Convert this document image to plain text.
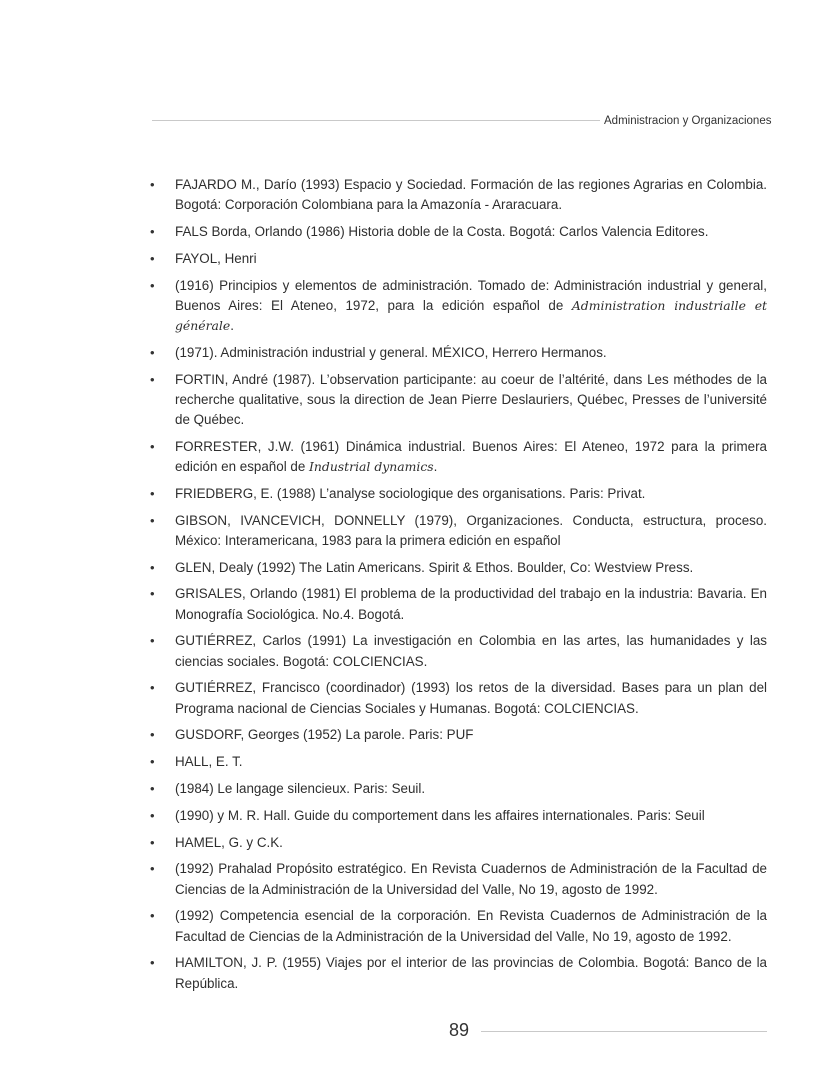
Administracion y Organizaciones
• FAJARDO M., Darío (1993) Espacio y Sociedad. Formación de las regiones Agrarias en Colombia. Bogotá: Corporación Colombiana para la Amazonía - Araracuara.
• FALS Borda, Orlando (1986) Historia doble de la Costa. Bogotá: Carlos Valencia Editores.
• FAYOL, Henri
• (1916) Principios y elementos de administración. Tomado de: Administración industrial y general, Buenos Aires: El Ateneo, 1972, para la edición español de Administration industrialle et générale.
• (1971). Administración industrial y general. MÉXICO, Herrero Hermanos.
• FORTIN, André (1987). L’observation participante: au coeur de l’altérité, dans Les méthodes de la recherche qualitative, sous la direction de Jean Pierre Deslauriers, Québec, Presses de l’université de Québec.
• FORRESTER, J.W. (1961) Dinámica industrial. Buenos Aires: El Ateneo, 1972 para la primera edición en español de Industrial dynamics.
• FRIEDBERG, E. (1988) L’analyse sociologique des organisations. Paris: Privat.
• GIBSON, IVANCEVICH, DONNELLY (1979), Organizaciones. Conducta, estructura, proceso. México: Interamericana, 1983 para la primera edición en español
• GLEN, Dealy (1992) The Latin Americans. Spirit & Ethos. Boulder, Co: Westview Press.
• GRISALES, Orlando (1981) El problema de la productividad del trabajo en la industria: Bavaria. En Monografía Sociológica. No.4. Bogotá.
• GUTIÉRREZ, Carlos (1991) La investigación en Colombia en las artes, las humanidades y las ciencias sociales. Bogotá: COLCIENCIAS.
• GUTIÉRREZ, Francisco (coordinador) (1993) los retos de la diversidad. Bases para un plan del Programa nacional de Ciencias Sociales y Humanas. Bogotá: COLCIENCIAS.
• GUSDORF, Georges (1952) La parole. Paris: PUF
• HALL, E. T.
• (1984) Le langage silencieux. Paris: Seuil.
• (1990) y M. R. Hall. Guide du comportement dans les affaires internationales. Paris: Seuil
• HAMEL, G. y C.K.
• (1992) Prahalad Propósito estratégico. En Revista Cuadernos de Administración de la Facultad de Ciencias de la Administración de la Universidad del Valle, No 19, agosto de 1992.
• (1992) Competencia esencial de la corporación. En Revista Cuadernos de Administración de la Facultad de Ciencias de la Administración de la Universidad del Valle, No 19, agosto de 1992.
• HAMILTON, J. P. (1955) Viajes por el interior de las provincias de Colombia. Bogotá: Banco de la República.
89
